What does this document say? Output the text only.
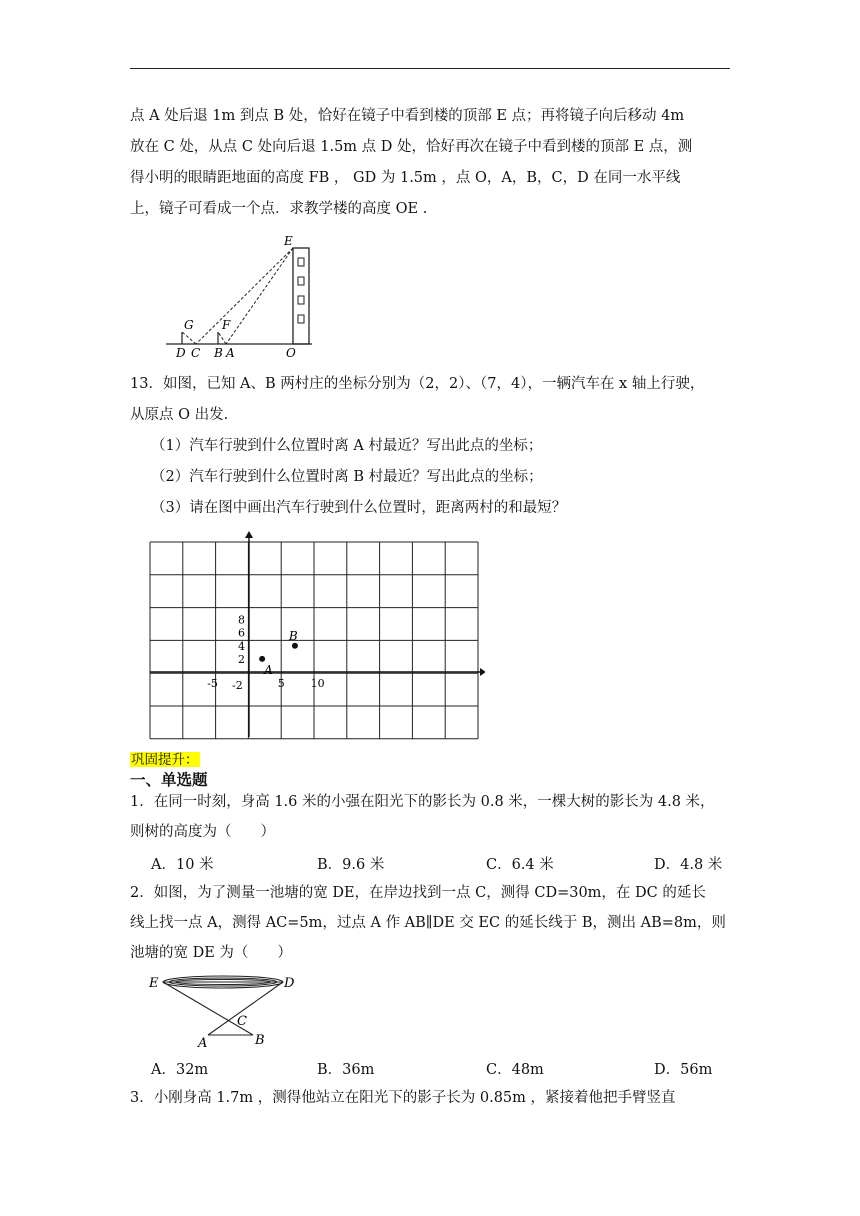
点 A 处后退 1m 到点 B 处，恰好在镜子中看到楼的顶部 E 点；再将镜子向后移动 4m
放在 C 处，从点 C 处向后退 1.5m 点 D 处，恰好再次在镜子中看到楼的顶部 E 点，测
得小明的眼睛距地面的高度 FB ， GD 为 1.5m ，点 O，A，B，C，D 在同一水平线
上，镜子可看成一个点．求教学楼的高度 OE .
E
G F
D C B A	O
13．如图，已知 A、B 两村庄的坐标分别为（2，2）、（7，4），一辆汽车在 x 轴上行驶，
从原点 O 出发.
（1）汽车行驶到什么位置时离 A 村最近？写出此点的坐标；
（2）汽车行驶到什么位置时离 B 村最近？写出此点的坐标；
（3）请在图中画出汽车行驶到什么位置时，距离两村的和最短？
-5	5 10
8
6
4
2
-2
A
B
巩固提升：
一、单选题
1．在同一时刻，身高 1.6 米的小强在阳光下的影长为 0.8 米，一棵大树的影长为 4.8 米，
则树的高度为（　　）
A．10 米	B．9.6 米	C．6.4 米	D．4.8 米
2．如图，为了测量一池塘的宽 DE，在岸边找到一点 C，测得 CD=30m，在 DC 的延长
线上找一点 A，测得 AC=5m，过点 A 作 AB∥DE 交 EC 的延长线于 B，测出 AB=8m，则
池塘的宽 DE 为（　　）
E	D
C
A	B
A．32m	B．36m	C．48m	D．56m
3．小刚身高 1.7m ，测得他站立在阳光下的影子长为 0.85m ，紧接着他把手臂竖直
